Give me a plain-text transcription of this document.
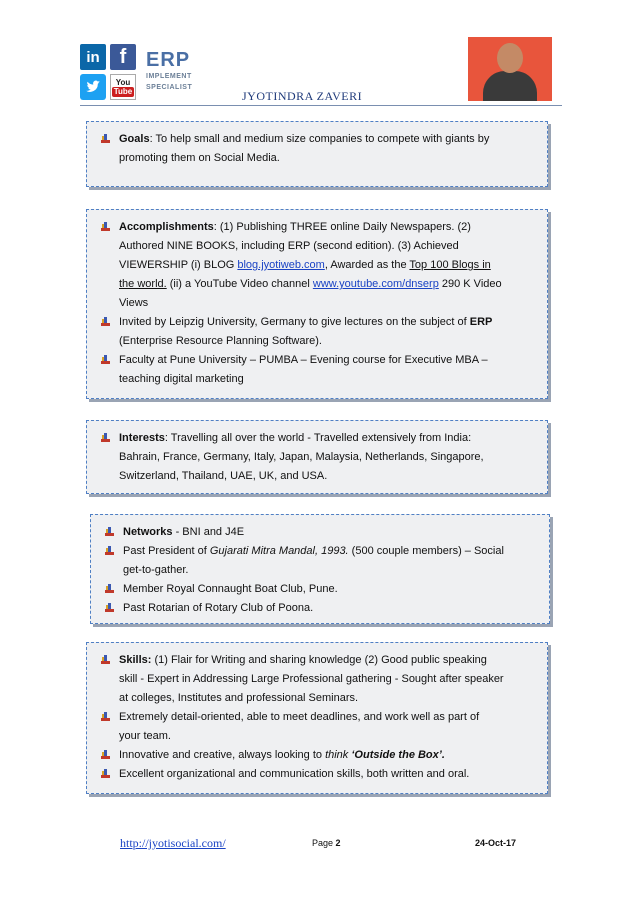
in f
You
Tube
ERP
IMPLEMENT
SPECIALIST
JYOTINDRA ZAVERI

Goals: To help small and medium size companies to compete with giants by
promoting them on Social Media.

Accomplishments: (1) Publishing THREE online Daily Newspapers. (2)
Authored NINE BOOKS, including ERP (second edition). (3) Achieved
VIEWERSHIP (i) BLOG blog.jyotiweb.com, Awarded as the Top 100 Blogs in
the world. (ii) a YouTube Video channel www.youtube.com/dnserp 290 K Video
Views

Invited by Leipzig University, Germany to give lectures on the subject of ERP
(Enterprise Resource Planning Software).

Faculty at Pune University – PUMBA – Evening course for Executive MBA –
teaching digital marketing

Interests: Travelling all over the world - Travelled extensively from India:
Bahrain, France, Germany, Italy, Japan, Malaysia, Netherlands, Singapore,
Switzerland, Thailand, UAE, UK, and USA.

Networks - BNI and J4E

Past President of Gujarati Mitra Mandal, 1993. (500 couple members) – Social
get-to-gather.

Member Royal Connaught Boat Club, Pune.

Past Rotarian of Rotary Club of Poona.

Skills: (1) Flair for Writing and sharing knowledge (2) Good public speaking
skill - Expert in Addressing Large Professional gathering - Sought after speaker
at colleges, Institutes and professional Seminars.

Extremely detail-oriented, able to meet deadlines, and work well as part of
your team.

Innovative and creative, always looking to think ‘Outside the Box’.

Excellent organizational and communication skills, both written and oral.

http://jyotisocial.com/	Page 2	24-Oct-17
